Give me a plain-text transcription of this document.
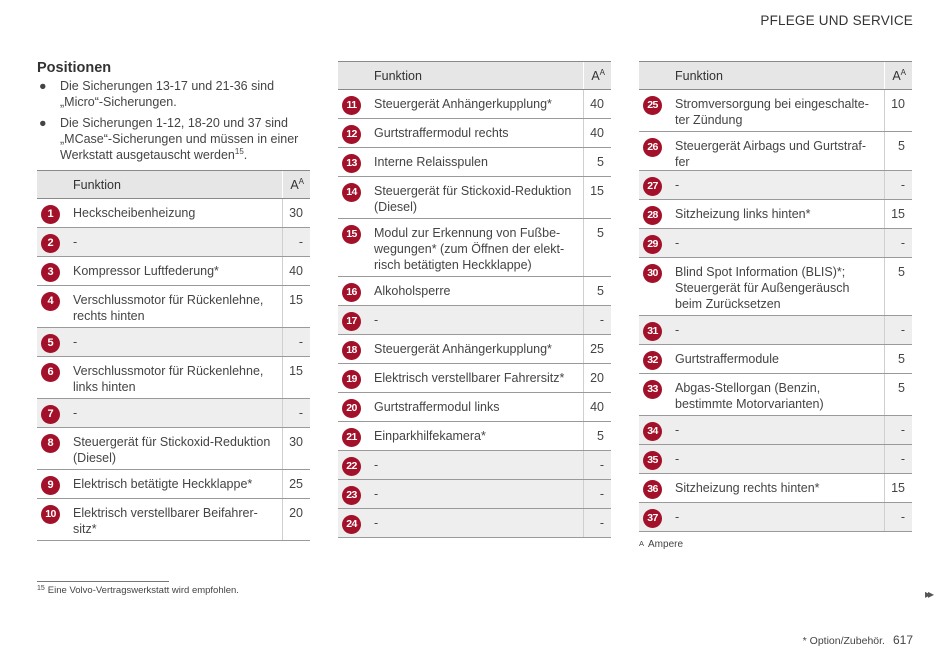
PFLEGE UND SERVICE
Positionen
● Die Sicherungen 13-17 und 21-36 sind „Micro“-Sicherungen.
● Die Sicherungen 1-12, 18-20 und 37 sind „MCase“-Sicherungen und müssen in einer Werkstatt ausgetauscht werden$^{15}$.
	Funktion	$A^A$

1	Heckscheibenheizung	30

2	-	-

3	Kompressor Luftfederung*	40

4	Verschlussmotor für Rückenlehne, rechts hinten	15

5	-	-

6	Verschlussmotor für Rückenlehne, links hinten	15

7	-	-

8	Steuergerät für Stickoxid-Reduktion (Diesel)	30

9	Elektrisch betätigte Heckklappe*	25

10	Elektrisch verstellbarer Beifahrer-sitz*	20
	Funktion	$A^A$

11	Steuergerät Anhängerkupplung*	40

12	Gurtstraffermodul rechts	40

13	Interne Relaisspulen	5

14	Steuergerät für Stickoxid-Reduktion (Diesel)	15

15	Modul zur Erkennung von Fußbe-wegungen* (zum Öffnen der elekt-risch betätigten Heckklappe)	5

16	Alkoholsperre	5

17	-	-

18	Steuergerät Anhängerkupplung*	25

19	Elektrisch verstellbarer Fahrersitz*	20

20	Gurtstraffermodul links	40

21	Einparkhilfekamera*	5

22	-	-

23	-	-

24	-	-
	Funktion	$A^A$

25	Stromversorgung bei eingeschalte-ter Zündung	10

26	Steuergerät Airbags und Gurtstraf-fer	5

27	-	-

28	Sitzheizung links hinten*	15

29	-	-

30	Blind Spot Information (BLIS)*; Steuergerät für Außengeräusch beim Zurücksetzen	5

31	-	-

32	Gurtstraffermodule	5

33	Abgas-Stellorgan (Benzin, bestimmte Motorvarianten)	5

34	-	-

35	-	-

36	Sitzheizung rechts hinten*	15

37	-	-
$^A$ Ampere
$^{15}$ Eine Volvo-Vertragswerkstatt wird empfohlen.	▸▸
* Option/Zubehör. 617
